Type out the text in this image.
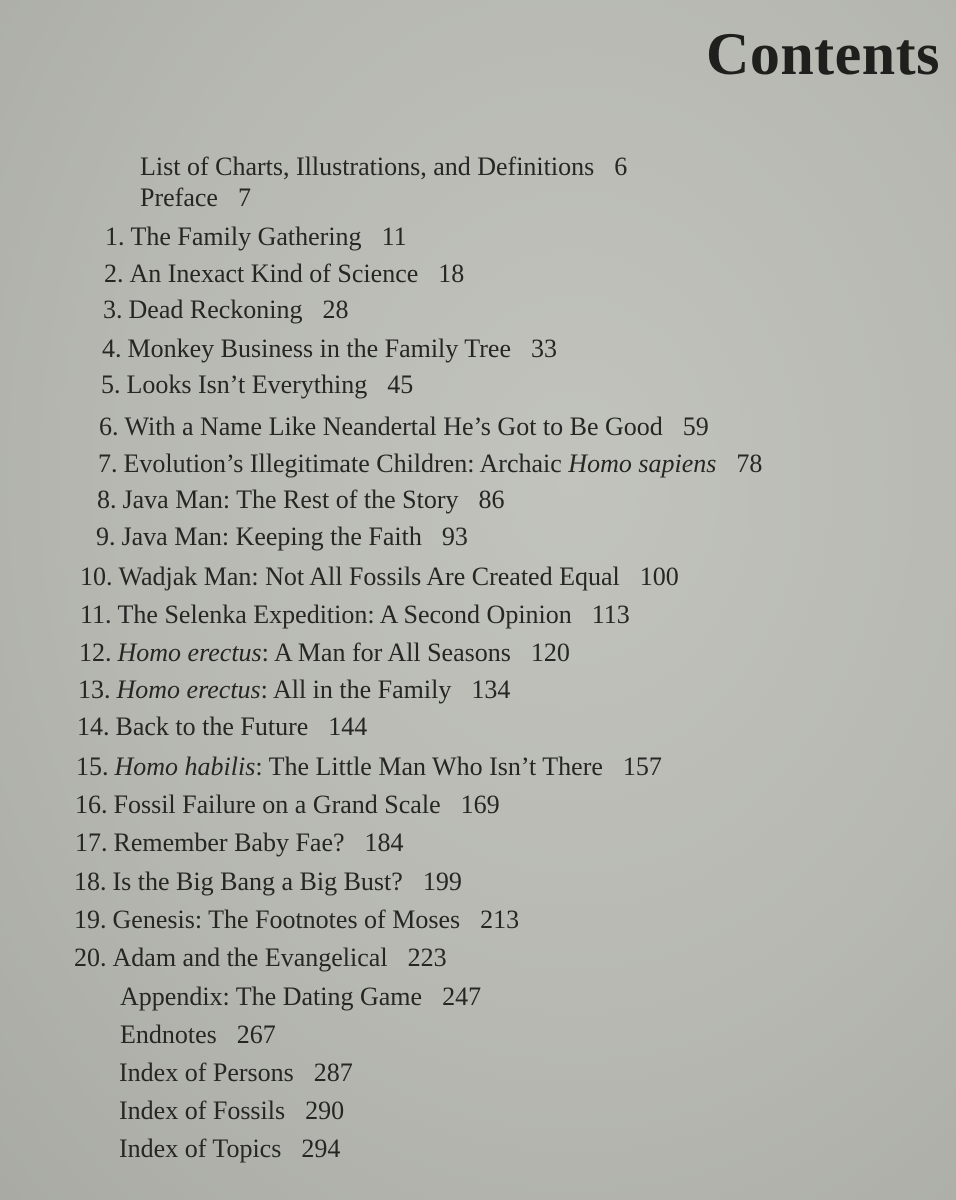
Contents
List of Charts, Illustrations, and Definitions 6
Preface 7
1. The Family Gathering 11
2. An Inexact Kind of Science 18
3. Dead Reckoning 28
4. Monkey Business in the Family Tree 33
5. Looks Isn’t Everything 45
6. With a Name Like Neandertal He’s Got to Be Good 59
7. Evolution’s Illegitimate Children: Archaic Homo sapiens 78
8. Java Man: The Rest of the Story 86
9. Java Man: Keeping the Faith 93
10. Wadjak Man: Not All Fossils Are Created Equal 100
11. The Selenka Expedition: A Second Opinion 113
12. Homo erectus: A Man for All Seasons 120
13. Homo erectus: All in the Family 134
14. Back to the Future 144
15. Homo habilis: The Little Man Who Isn’t There 157
16. Fossil Failure on a Grand Scale 169
17. Remember Baby Fae? 184
18. Is the Big Bang a Big Bust? 199
19. Genesis: The Footnotes of Moses 213
20. Adam and the Evangelical 223
Appendix: The Dating Game 247
Endnotes 267
Index of Persons 287
Index of Fossils 290
Index of Topics 294
